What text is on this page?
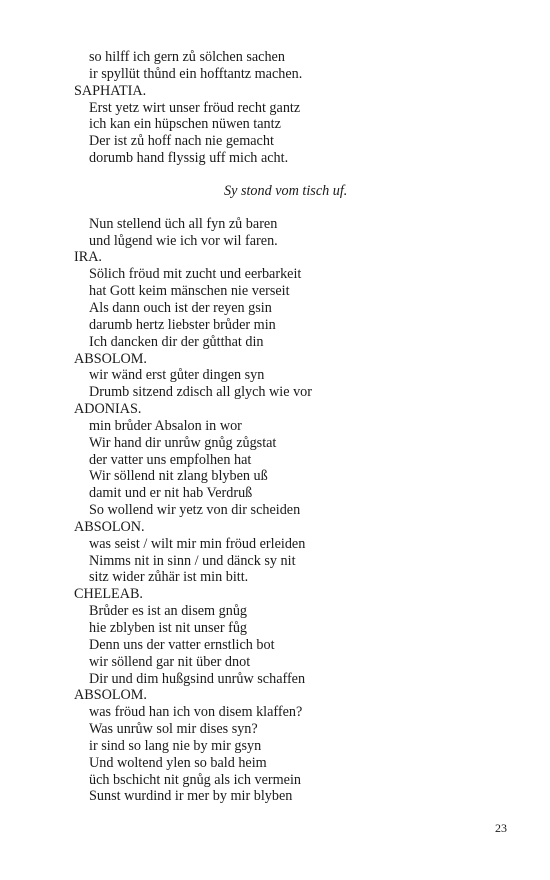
so hilff ich gern zů sölchen sachen
ir spyllüt thůnd ein hofftantz machen.
SAPHATIA.
Erst yetz wirt unser fröud recht gantz
ich kan ein hüpschen nüwen tantz
Der ist zů hoff nach nie gemacht
dorumb hand flyssig uff mich acht.
Sy stond vom tisch uf.
Nun stellend üch all fyn zů baren
und lůgend wie ich vor wil faren.
IRA.
Sölich fröud mit zucht und eerbarkeit
hat Gott keim mänschen nie verseit
Als dann ouch ist der reyen gsin
darumb hertz liebster brůder min
Ich dancken dir der gůtthat din
ABSOLOM.
wir wänd erst gůter dingen syn
Drumb sitzend zdisch all glych wie vor
ADONIAS.
min brůder Absalon in wor
Wir hand dir unrůw gnůg zůgstat
der vatter uns empfolhen hat
Wir söllend nit zlang blyben uß
damit und er nit hab Verdruß
So wollend wir yetz von dir scheiden
ABSOLON.
was seist / wilt mir min fröud erleiden
Nimms nit in sinn / und dänck sy nit
sitz wider zůhär ist min bitt.
CHELEAB.
Brůder es ist an disem gnůg
hie zblyben ist nit unser fůg
Denn uns der vatter ernstlich bot
wir söllend gar nit über dnot
Dir und dim hußgsind unrůw schaffen
ABSOLOM.
was fröud han ich von disem klaffen?
Was unrůw sol mir dises syn?
ir sind so lang nie by mir gsyn
Und woltend ylen so bald heim
üch bschicht nit gnůg als ich vermein
Sunst wurdind ir mer by mir blyben
23
